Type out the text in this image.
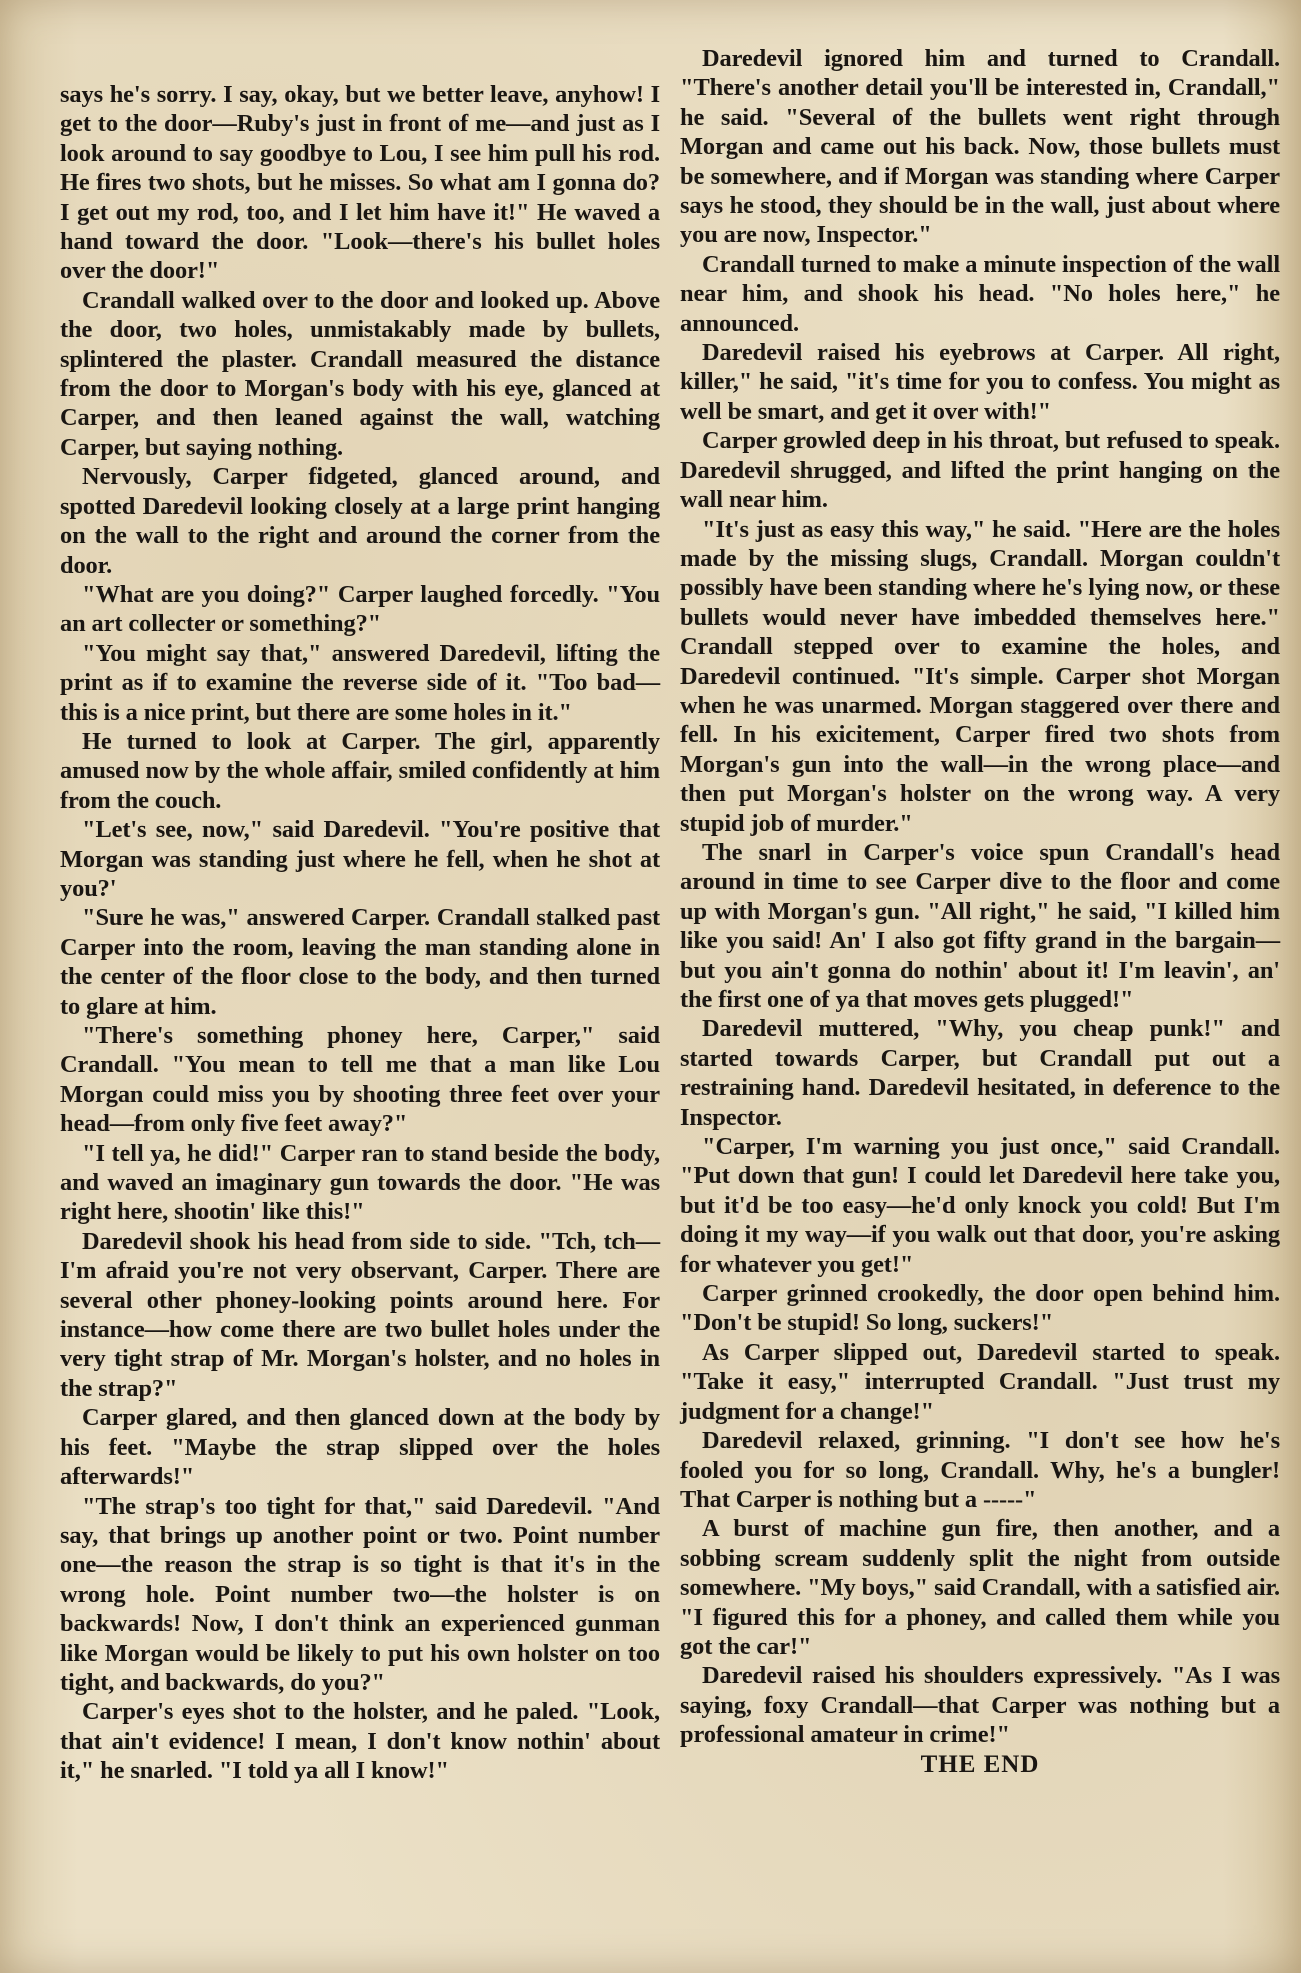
says he's sorry. I say, okay, but we better leave, anyhow! I get to the door—Ruby's just in front of me—and just as I look around to say goodbye to Lou, I see him pull his rod. He fires two shots, but he misses. So what am I gonna do? I get out my rod, too, and I let him have it!" He waved a hand toward the door. "Look—there's his bullet holes over the door!"

Crandall walked over to the door and looked up. Above the door, two holes, unmistakably made by bullets, splintered the plaster. Crandall measured the distance from the door to Morgan's body with his eye, glanced at Carper, and then leaned against the wall, watching Carper, but saying nothing.

Nervously, Carper fidgeted, glanced around, and spotted Daredevil looking closely at a large print hanging on the wall to the right and around the corner from the door.

"What are you doing?" Carper laughed forcedly. "You an art collecter or something?"

"You might say that," answered Daredevil, lifting the print as if to examine the reverse side of it. "Too bad—this is a nice print, but there are some holes in it."

He turned to look at Carper. The girl, apparently amused now by the whole affair, smiled confidently at him from the couch.

"Let's see, now," said Daredevil. "You're positive that Morgan was standing just where he fell, when he shot at you?'

"Sure he was," answered Carper. Crandall stalked past Carper into the room, leaving the man standing alone in the center of the floor close to the body, and then turned to glare at him.

"There's something phoney here, Carper," said Crandall. "You mean to tell me that a man like Lou Morgan could miss you by shooting three feet over your head—from only five feet away?"

"I tell ya, he did!" Carper ran to stand beside the body, and waved an imaginary gun towards the door. "He was right here, shootin' like this!"

Daredevil shook his head from side to side. "Tch, tch—I'm afraid you're not very observant, Carper. There are several other phoney-looking points around here. For instance—how come there are two bullet holes under the very tight strap of Mr. Morgan's holster, and no holes in the strap?"

Carper glared, and then glanced down at the body by his feet. "Maybe the strap slipped over the holes afterwards!"

"The strap's too tight for that," said Daredevil. "And say, that brings up another point or two. Point number one—the reason the strap is so tight is that it's in the wrong hole. Point number two—the holster is on backwards! Now, I don't think an experienced gunman like Morgan would be likely to put his own holster on too tight, and backwards, do you?"

Carper's eyes shot to the holster, and he paled. "Look, that ain't evidence! I mean, I don't know nothin' about it," he snarled. "I told ya all I know!"

Daredevil ignored him and turned to Crandall. "There's another detail you'll be interested in, Crandall," he said. "Several of the bullets went right through Morgan and came out his back. Now, those bullets must be somewhere, and if Morgan was standing where Carper says he stood, they should be in the wall, just about where you are now, Inspector."

Crandall turned to make a minute inspection of the wall near him, and shook his head. "No holes here," he announced.

Daredevil raised his eyebrows at Carper. All right, killer," he said, "it's time for you to confess. You might as well be smart, and get it over with!"

Carper growled deep in his throat, but refused to speak. Daredevil shrugged, and lifted the print hanging on the wall near him.

"It's just as easy this way," he said. "Here are the holes made by the missing slugs, Crandall. Morgan couldn't possibly have been standing where he's lying now, or these bullets would never have imbedded themselves here." Crandall stepped over to examine the holes, and Daredevil continued. "It's simple. Carper shot Morgan when he was unarmed. Morgan staggered over there and fell. In his exicitement, Carper fired two shots from Morgan's gun into the wall—in the wrong place—and then put Morgan's holster on the wrong way. A very stupid job of murder."

The snarl in Carper's voice spun Crandall's head around in time to see Carper dive to the floor and come up with Morgan's gun. "All right," he said, "I killed him like you said! An' I also got fifty grand in the bargain—but you ain't gonna do nothin' about it! I'm leavin', an' the first one of ya that moves gets plugged!"

Daredevil muttered, "Why, you cheap punk!" and started towards Carper, but Crandall put out a restraining hand. Daredevil hesitated, in deference to the Inspector.

"Carper, I'm warning you just once," said Crandall. "Put down that gun! I could let Daredevil here take you, but it'd be too easy—he'd only knock you cold! But I'm doing it my way—if you walk out that door, you're asking for whatever you get!"

Carper grinned crookedly, the door open behind him. "Don't be stupid! So long, suckers!"

As Carper slipped out, Daredevil started to speak. "Take it easy," interrupted Crandall. "Just trust my judgment for a change!"

Daredevil relaxed, grinning. "I don't see how he's fooled you for so long, Crandall. Why, he's a bungler! That Carper is nothing but a -----"

A burst of machine gun fire, then another, and a sobbing scream suddenly split the night from outside somewhere. "My boys," said Crandall, with a satisfied air. "I figured this for a phoney, and called them while you got the car!"

Daredevil raised his shoulders expressively. "As I was saying, foxy Crandall—that Carper was nothing but a professional amateur in crime!"

THE END
